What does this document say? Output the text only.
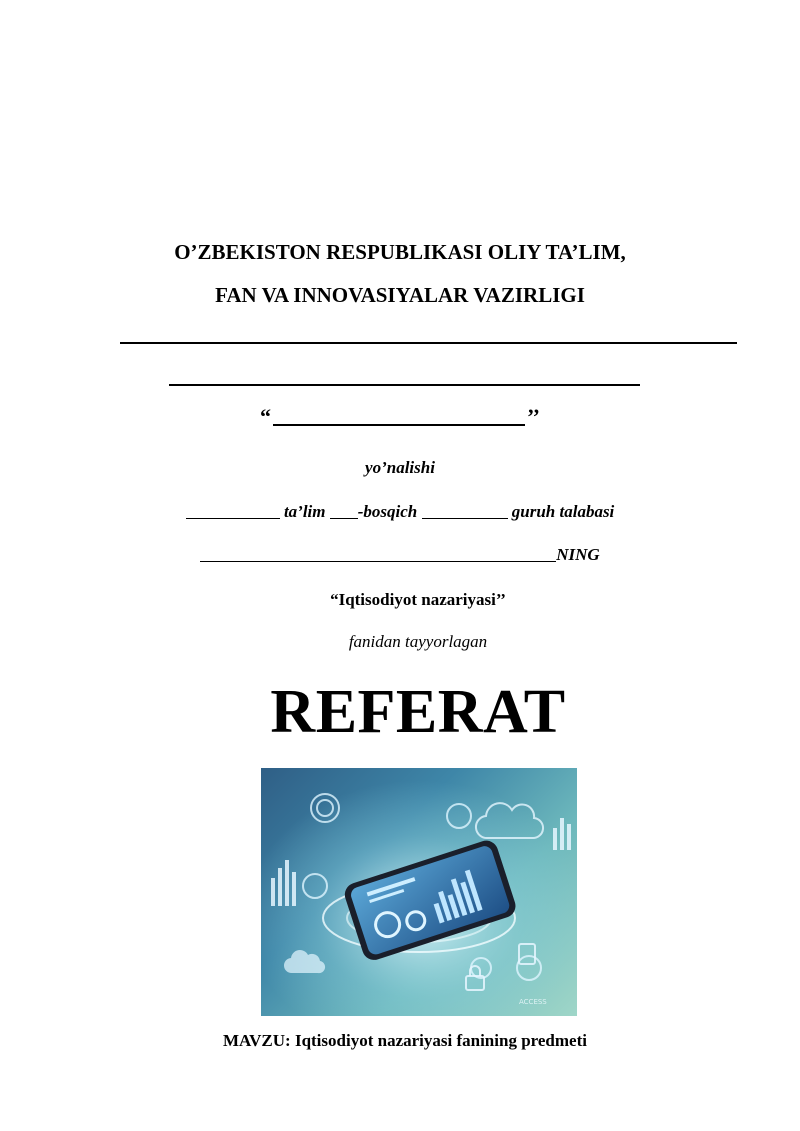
O’ZBEKISTON RESPUBLIKASI OLIY TA’LIM,
FAN VA INNOVASIYALAR VAZIRLIGI
“	’’
yo’nalishi
ta’lim -bosqich	guruh talabasi
NING
“Iqtisodiyot nazariyasi’’
fanidan tayyorlagan
REFERAT
ACCESS
MAVZU: Iqtisodiyot nazariyasi fanining predmeti
